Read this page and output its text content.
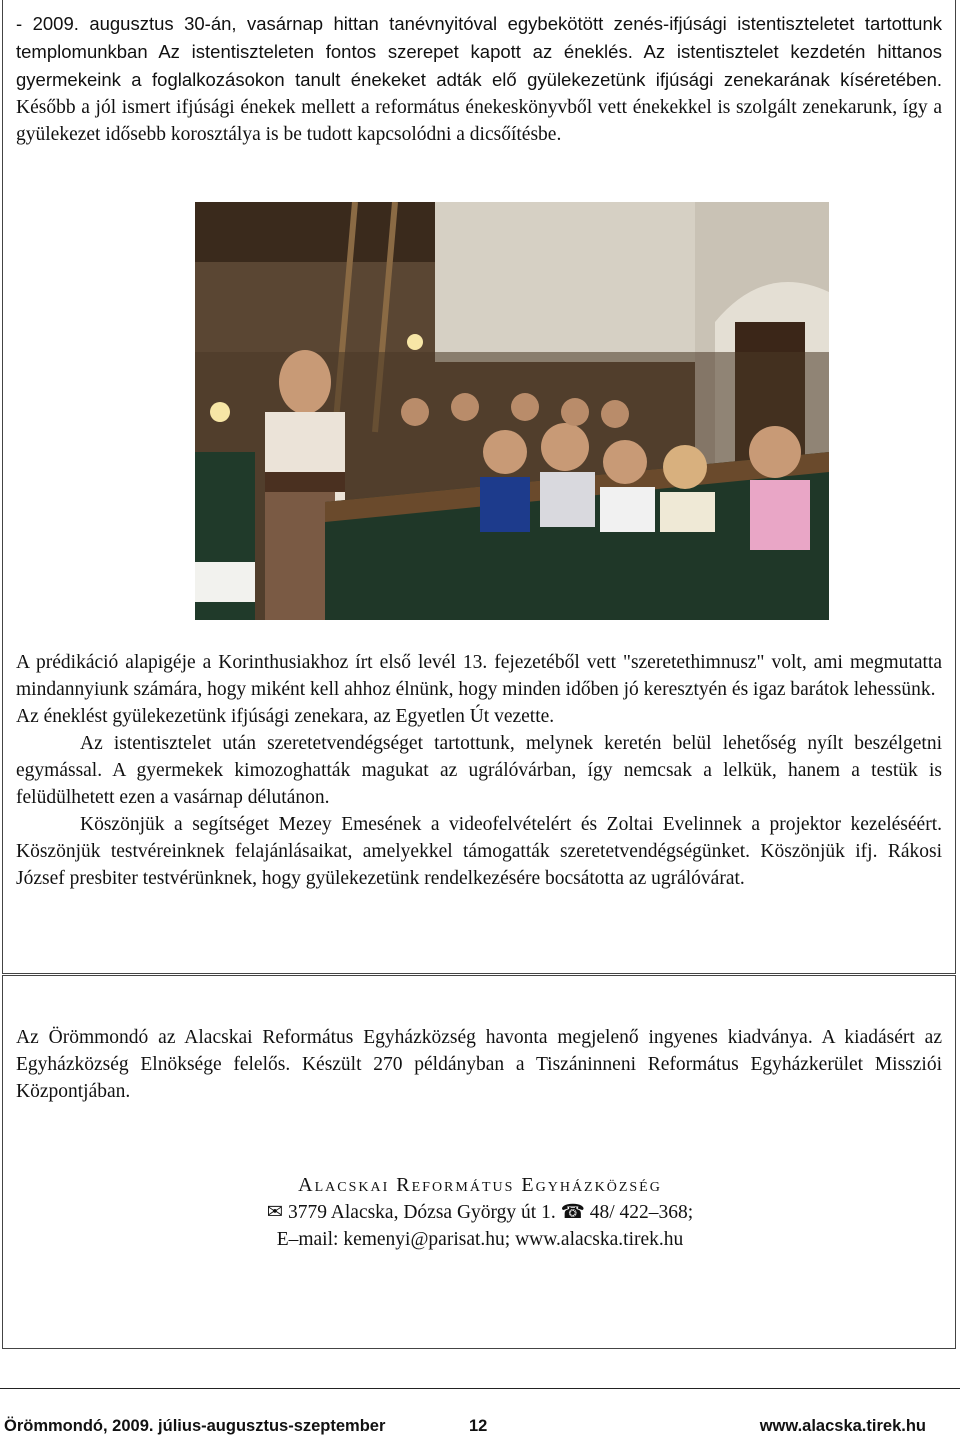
- 2009. augusztus 30-án, vasárnap hittan tanévnyitóval egybekötött zenés-ifjúsági istentiszteletet tartottunk templomunkban Az istentiszteleten fontos szerepet kapott az éneklés. Az istentisztelet kezdetén hittanos gyermekeink a foglalkozásokon tanult énekeket adták elő gyülekezetünk ifjúsági zenekarának kíséretében. Később a jól ismert ifjúsági énekek mellett a református énekeskönyvből vett énekekkel is szolgált zenekarunk, így a gyülekezet idősebb korosztálya is be tudott kapcsolódni a dicsőítésbe.

A prédikáció alapigéje a Korinthusiakhoz írt első levél 13. fejezetéből vett "szeretethimnusz" volt, ami megmutatta mindannyiunk számára, hogy miként kell ahhoz élnünk, hogy minden időben jó keresztyén és igaz barátok lehessünk.

Az éneklést gyülekezetünk ifjúsági zenekara, az Egyetlen Út vezette.

Az istentisztelet után szeretetvendégséget tartottunk, melynek keretén belül lehetőség nyílt beszélgetni egymással. A gyermekek kimozoghatták magukat az ugrálóvárban, így nemcsak a lelkük, hanem a testük is felüdülhetett ezen a vasárnap délutánon.

Köszönjük a segítséget Mezey Emesének a videofelvételért és Zoltai Evelinnek a projektor kezeléséért. Köszönjük testvéreinknek felajánlásaikat, amelyekkel támogatták szeretetvendégségünket. Köszönjük ifj. Rákosi József presbiter testvérünknek, hogy gyülekezetünk rendelkezésére bocsátotta az ugrálóvárat.

Az Örömmondó az Alacskai Református Egyházközség havonta megjelenő ingyenes kiadványa. A kiadásért az Egyházközség Elnöksége felelős. Készült 270 példányban a Tiszáninneni Református Egyházkerület Missziói Központjában.

Alacskai Református Egyházközség
✉ 3779 Alacska, Dózsa György út 1. ☎ 48/ 422–368;
E–mail: kemenyi@parisat.hu; www.alacska.tirek.hu
Örömmondó, 2009. július-augusztus-szeptember	12	www.alacska.tirek.hu
